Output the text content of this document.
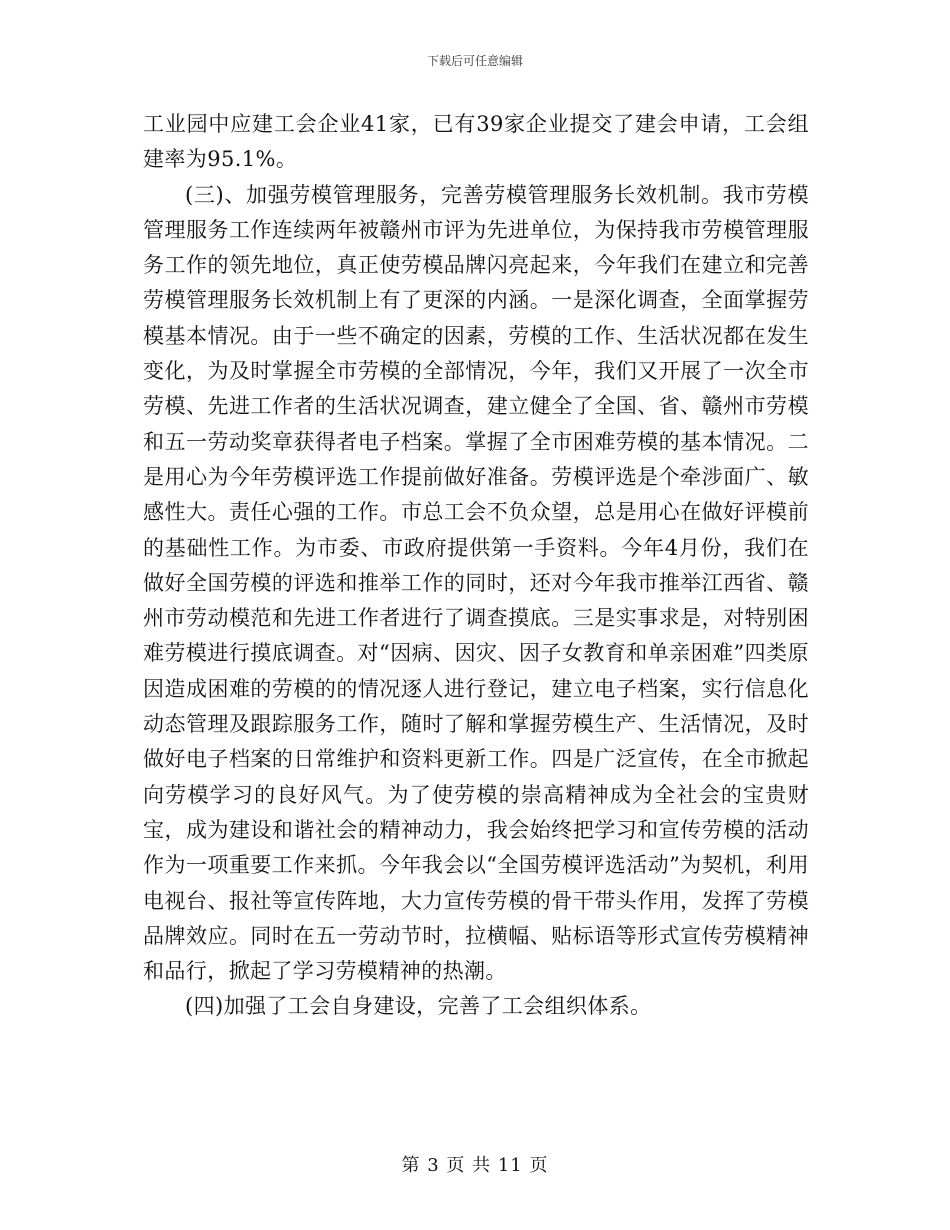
下载后可任意编辑

工业园中应建工会企业41家，已有39家企业提交了建会申请，工会组建率为95.1%。

(三)、加强劳模管理服务，完善劳模管理服务长效机制。我市劳模管理服务工作连续两年被赣州市评为先进单位，为保持我市劳模管理服务工作的领先地位，真正使劳模品牌闪亮起来，今年我们在建立和完善劳模管理服务长效机制上有了更深的内涵。一是深化调查，全面掌握劳模基本情况。由于一些不确定的因素，劳模的工作、生活状况都在发生变化，为及时掌握全市劳模的全部情况，今年，我们又开展了一次全市劳模、先进工作者的生活状况调查，建立健全了全国、省、赣州市劳模和五一劳动奖章获得者电子档案。掌握了全市困难劳模的基本情况。二是用心为今年劳模评选工作提前做好准备。劳模评选是个牵涉面广、敏感性大。责任心强的工作。市总工会不负众望，总是用心在做好评模前的基础性工作。为市委、市政府提供第一手资料。今年4月份，我们在做好全国劳模的评选和推举工作的同时，还对今年我市推举江西省、赣州市劳动模范和先进工作者进行了调查摸底。三是实事求是，对特别困难劳模进行摸底调查。对“因病、因灾、因子女教育和单亲困难”四类原因造成困难的劳模的的情况逐人进行登记，建立电子档案，实行信息化动态管理及跟踪服务工作，随时了解和掌握劳模生产、生活情况，及时做好电子档案的日常维护和资料更新工作。四是广泛宣传，在全市掀起向劳模学习的良好风气。为了使劳模的崇高精神成为全社会的宝贵财宝，成为建设和谐社会的精神动力，我会始终把学习和宣传劳模的活动作为一项重要工作来抓。今年我会以“全国劳模评选活动”为契机，利用电视台、报社等宣传阵地，大力宣传劳模的骨干带头作用，发挥了劳模品牌效应。同时在五一劳动节时，拉横幅、贴标语等形式宣传劳模精神和品行，掀起了学习劳模精神的热潮。

(四)加强了工会自身建设，完善了工会组织体系。

第 3 页 共 11 页
